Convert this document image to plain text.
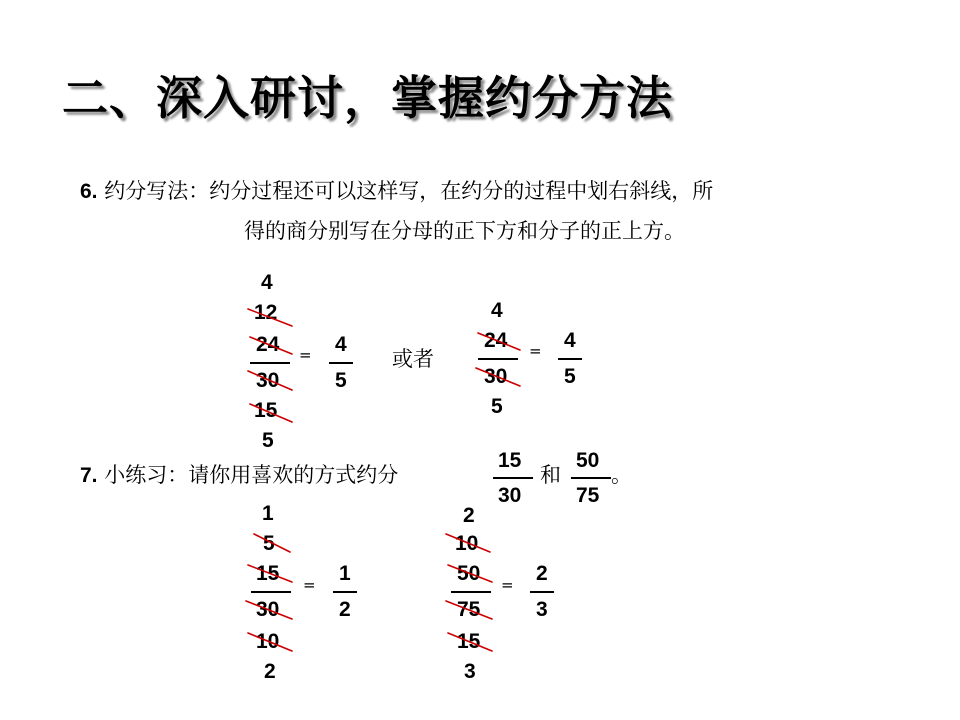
二、深入研讨，掌握约分方法
6. 约分写法：约分过程还可以这样写，在约分的过程中划右斜线，所
得的商分别写在分母的正下方和分子的正上方。
4
12
24
30
15
5
= 4
5
或者
4
24
30
5
= 4
5
7. 小练习：请你用喜欢的方式约分
15
30
和
50
75
。
1
5
15
30
10
2
= 1
2
2
10
50
75
15
3
= 2
3
